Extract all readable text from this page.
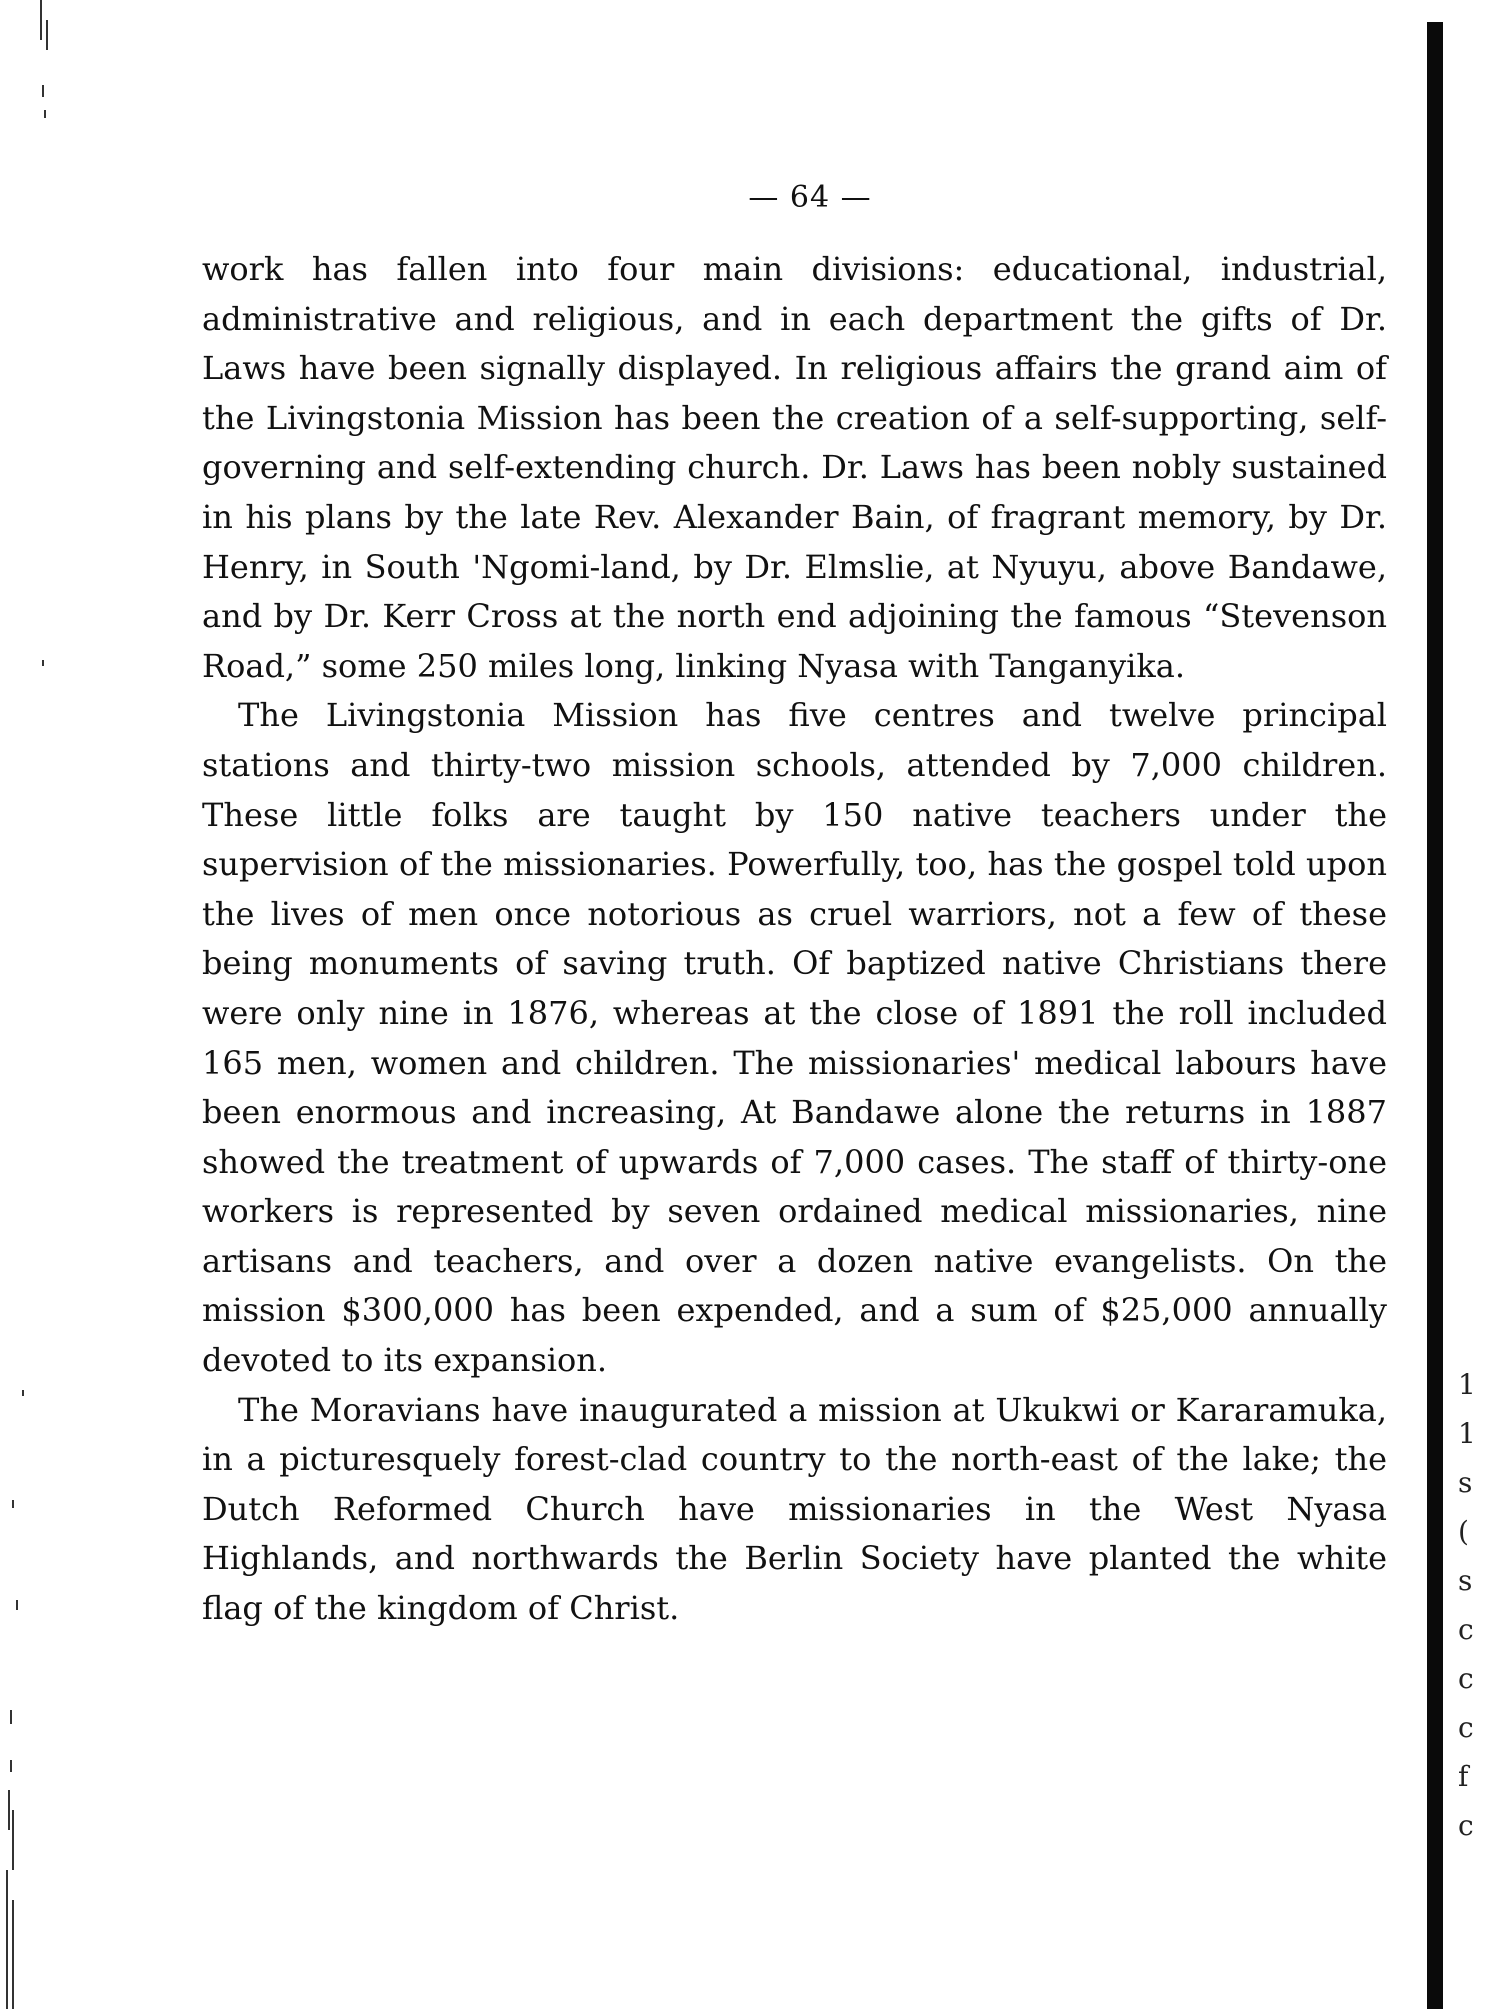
— 64 —

work has fallen into four main divisions: educational, industrial, administrative and religious, and in each department the gifts of Dr. Laws have been signally displayed. In religious affairs the grand aim of the Livingstonia Mission has been the creation of a self-supporting, self-governing and self-extending church. Dr. Laws has been nobly sustained in his plans by the late Rev. Alexander Bain, of fragrant memory, by Dr. Henry, in South 'Ngomi-land, by Dr. Elmslie, at Nyuyu, above Bandawe, and by Dr. Kerr Cross at the north end adjoining the famous “Stevenson Road,” some 250 miles long, linking Nyasa with Tanganyika.

The Livingstonia Mission has five centres and twelve principal stations and thirty-two mission schools, attended by 7,000 children. These little folks are taught by 150 native teachers under the supervision of the missionaries. Powerfully, too, has the gospel told upon the lives of men once notorious as cruel warriors, not a few of these being monuments of saving truth. Of baptized native Christians there were only nine in 1876, whereas at the close of 1891 the roll included 165 men, women and children. The missionaries' medical labours have been enormous and increasing, At Bandawe alone the returns in 1887 showed the treatment of upwards of 7,000 cases. The staff of thirty-one workers is represented by seven ordained medical missionaries, nine artisans and teachers, and over a dozen native evangelists. On the mission $300,000 has been expended, and a sum of $25,000 annually devoted to its expansion.

The Moravians have inaugurated a mission at Ukukwi or Kararamuka, in a picturesquely forest-clad country to the north-east of the lake; the Dutch Reformed Church have missionaries in the West Nyasa Highlands, and northwards the Berlin Society have planted the white flag of the kingdom of Christ.

1
1
s
(
s
c
c
c
f
c
